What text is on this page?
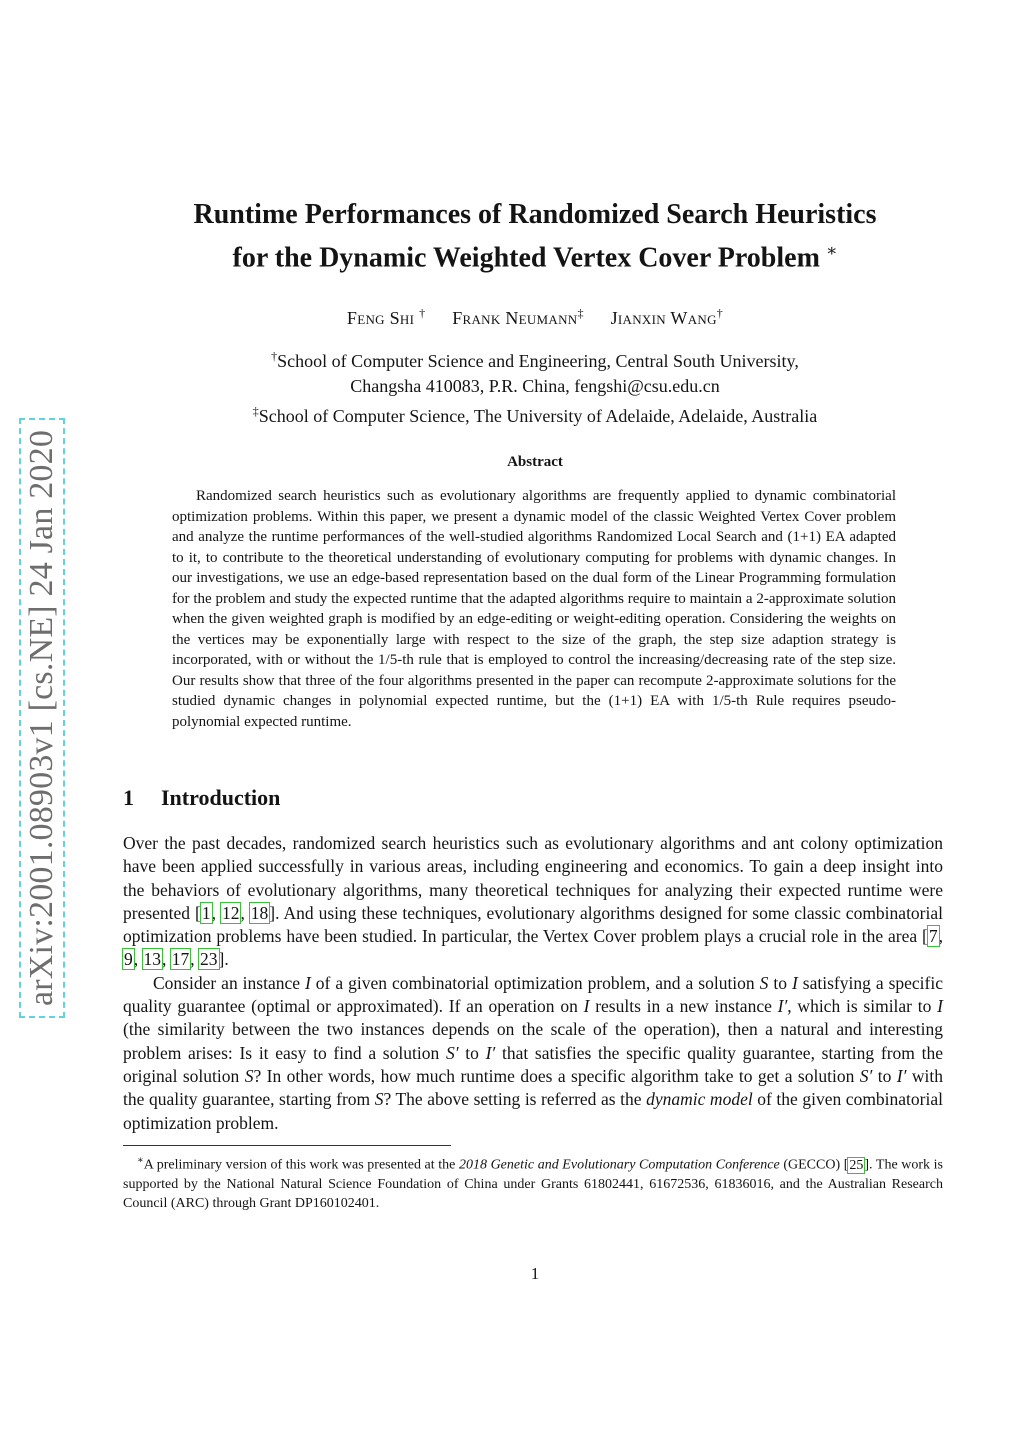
arXiv:2001.08903v1 [cs.NE] 24 Jan 2020
Runtime Performances of Randomized Search Heuristics
for the Dynamic Weighted Vertex Cover Problem ∗
Feng Shi † Frank Neumann‡ Jianxin Wang†
†School of Computer Science and Engineering, Central South University,
Changsha 410083, P.R. China, fengshi@csu.edu.cn
‡School of Computer Science, The University of Adelaide, Adelaide, Australia
Abstract

Randomized search heuristics such as evolutionary algorithms are frequently applied to dynamic combinatorial optimization problems. Within this paper, we present a dynamic model of the classic Weighted Vertex Cover problem and analyze the runtime performances of the well-studied algorithms Randomized Local Search and (1+1) EA adapted to it, to contribute to the theoretical understanding of evolutionary computing for problems with dynamic changes. In our investigations, we use an edge-based representation based on the dual form of the Linear Programming formulation for the problem and study the expected runtime that the adapted algorithms require to maintain a 2-approximate solution when the given weighted graph is modified by an edge-editing or weight-editing operation. Considering the weights on the vertices may be exponentially large with respect to the size of the graph, the step size adaption strategy is incorporated, with or without the 1/5-th rule that is employed to control the increasing/decreasing rate of the step size. Our results show that three of the four algorithms presented in the paper can recompute 2-approximate solutions for the studied dynamic changes in polynomial expected runtime, but the (1+1) EA with 1/5-th Rule requires pseudo-polynomial expected runtime.

1 Introduction

Over the past decades, randomized search heuristics such as evolutionary algorithms and ant colony optimization have been applied successfully in various areas, including engineering and economics. To gain a deep insight into the behaviors of evolutionary algorithms, many theoretical techniques for analyzing their expected runtime were presented [1, 12, 18]. And using these techniques, evolutionary algorithms designed for some classic combinatorial optimization problems have been studied. In particular, the Vertex Cover problem plays a crucial role in the area [7, 9, 13, 17, 23].

Consider an instance I of a given combinatorial optimization problem, and a solution S to I satisfying a specific quality guarantee (optimal or approximated). If an operation on I results in a new instance I′, which is similar to I (the similarity between the two instances depends on the scale of the operation), then a natural and interesting problem arises: Is it easy to find a solution S′ to I′ that satisfies the specific quality guarantee, starting from the original solution S? In other words, how much runtime does a specific algorithm take to get a solution S′ to I′ with the quality guarantee, starting from S? The above setting is referred as the dynamic model of the given combinatorial optimization problem.

∗A preliminary version of this work was presented at the 2018 Genetic and Evolutionary Computation Conference (GECCO) [25]. The work is supported by the National Natural Science Foundation of China under Grants 61802441, 61672536, 61836016, and the Australian Research Council (ARC) through Grant DP160102401.

1
